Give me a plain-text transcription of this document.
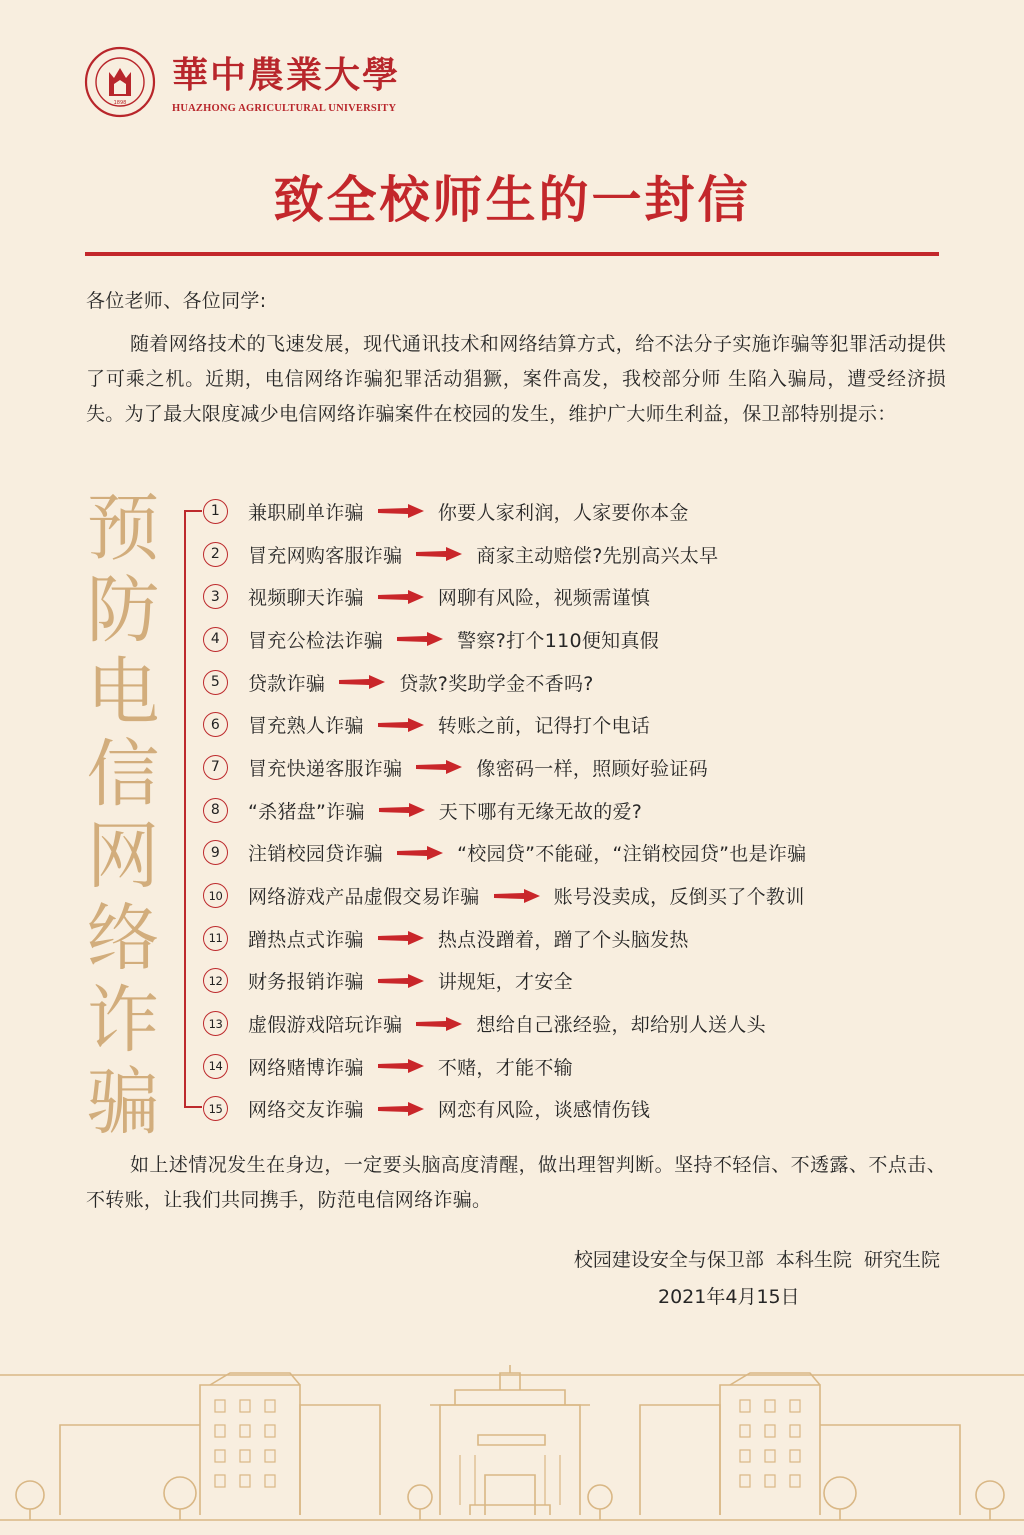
1898
華中農業大學
HUAZHONG AGRICULTURAL UNIVERSITY
致全校师生的一封信
各位老师、各位同学:
随着网络技术的飞速发展，现代通讯技术和网络结算方式，给不法分子实施诈骗等犯罪活动提供了可乘之机。近期，电信网络诈骗犯罪活动猖獗，案件高发，我校部分师 生陷入骗局，遭受经济损失。为了最大限度减少电信网络诈骗案件在校园的发生，维护广大师生利益，保卫部特别提示：
预
防
电
信
网
络
诈
骗
1	兼职刷单诈骗	你要人家利润，人家要你本金
2	冒充网购客服诈骗	商家主动赔偿?先别高兴太早
3	视频聊天诈骗	网聊有风险，视频需谨慎
4	冒充公检法诈骗	警察?打个110便知真假
5	贷款诈骗	贷款?奖助学金不香吗?
6	冒充熟人诈骗	转账之前，记得打个电话
7	冒充快递客服诈骗	像密码一样，照顾好验证码
8	“杀猪盘”诈骗	天下哪有无缘无故的爱?
9	注销校园贷诈骗	“校园贷”不能碰，“注销校园贷”也是诈骗
10 网络游戏产品虚假交易诈骗	账号没卖成，反倒买了个教训
11 蹭热点式诈骗	热点没蹭着，蹭了个头脑发热
12 财务报销诈骗	讲规矩，才安全
13 虚假游戏陪玩诈骗	想给自己涨经验，却给别人送人头
14 网络赌博诈骗	不赌，才能不输
15 网络交友诈骗	网恋有风险，谈感情伤钱
如上述情况发生在身边，一定要头脑高度清醒，做出理智判断。坚持不轻信、不透露、不点击、不转账，让我们共同携手，防范电信网络诈骗。
校园建设安全与保卫部  本科生院  研究生院
2021年4月15日
